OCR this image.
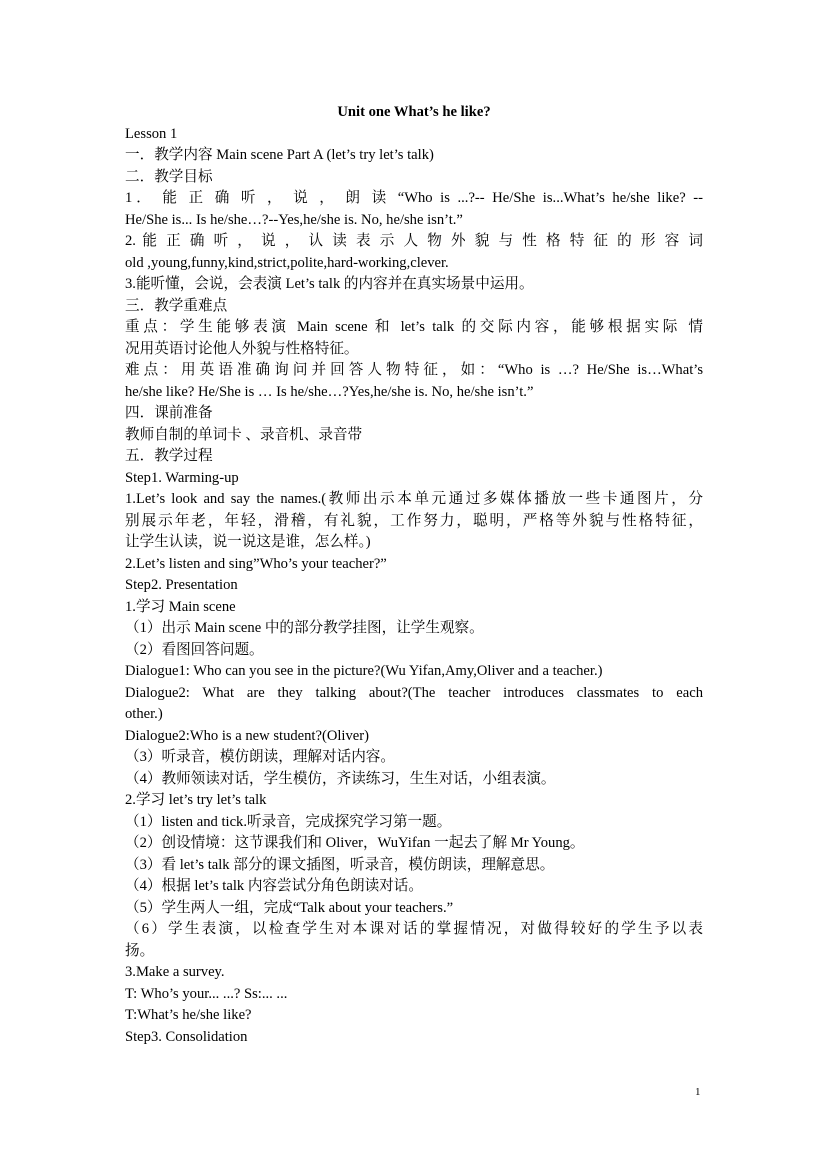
Unit one What’s he like?
Lesson 1
一．教学内容 Main scene Part A (let’s try let’s talk)
二．教学目标
1． 能 正 确 听 ， 说 ， 朗 读 “Who is ...?-- He/She is...What’s he/she like? --
He/She is... Is he/she…?--Yes,he/she is. No, he/she isn’t.”
2. 能 正 确 听 ， 说 ， 认 读 表 示 人 物 外 貌 与 性 格 特 征 的 形 容 词
old ,young,funny,kind,strict,polite,hard-working,clever.
3.能听懂，会说，会表演 Let’s talk 的内容并在真实场景中运用。
三．教学重难点
重点：学生能够表演 Main scene 和 let’s talk 的交际内容，能够根据实际 情
况用英语讨论他人外貌与性格特征。
难点：用英语准确询问并回答人物特征，如：“Who is …? He/She is…What’s
he/she like? He/She is … Is he/she…?Yes,he/she is. No, he/she isn’t.”
四．课前准备
教师自制的单词卡 、录音机、录音带
五．教学过程
Step1. Warming-up
1.Let’s look and say the names.(教师出示本单元通过多媒体播放一些卡通图片，分
别展示年老，年轻，滑稽，有礼貌，工作努力，聪明，严格等外貌与性格特征，
让学生认读，说一说这是谁，怎么样。)
2.Let’s listen and sing”Who’s your teacher?”
Step2. Presentation
1.学习 Main scene
（1）出示 Main scene 中的部分教学挂图，让学生观察。
（2）看图回答问题。
Dialogue1: Who can you see in the picture?(Wu Yifan,Amy,Oliver and a teacher.)
Dialogue2: What are they talking about?(The teacher introduces classmates to each
other.)
Dialogue2:Who is a new student?(Oliver)
（3）听录音，模仿朗读，理解对话内容。
（4）教师领读对话，学生模仿，齐读练习，生生对话，小组表演。
2.学习 let’s try let’s talk
（1）listen and tick.听录音，完成探究学习第一题。
（2）创设情境：这节课我们和 Oliver，WuYifan 一起去了解 Mr Young。
（3）看 let’s talk 部分的课文插图，听录音，模仿朗读，理解意思。
（4）根据 let’s talk 内容尝试分角色朗读对话。
（5）学生两人一组，完成“Talk about your teachers.”
（6）学生表演，以检查学生对本课对话的掌握情况，对做得较好的学生予以表
扬。
3.Make a survey.
T: Who’s your... ...? Ss:... ...
T:What’s he/she like?
Step3. Consolidation
1
